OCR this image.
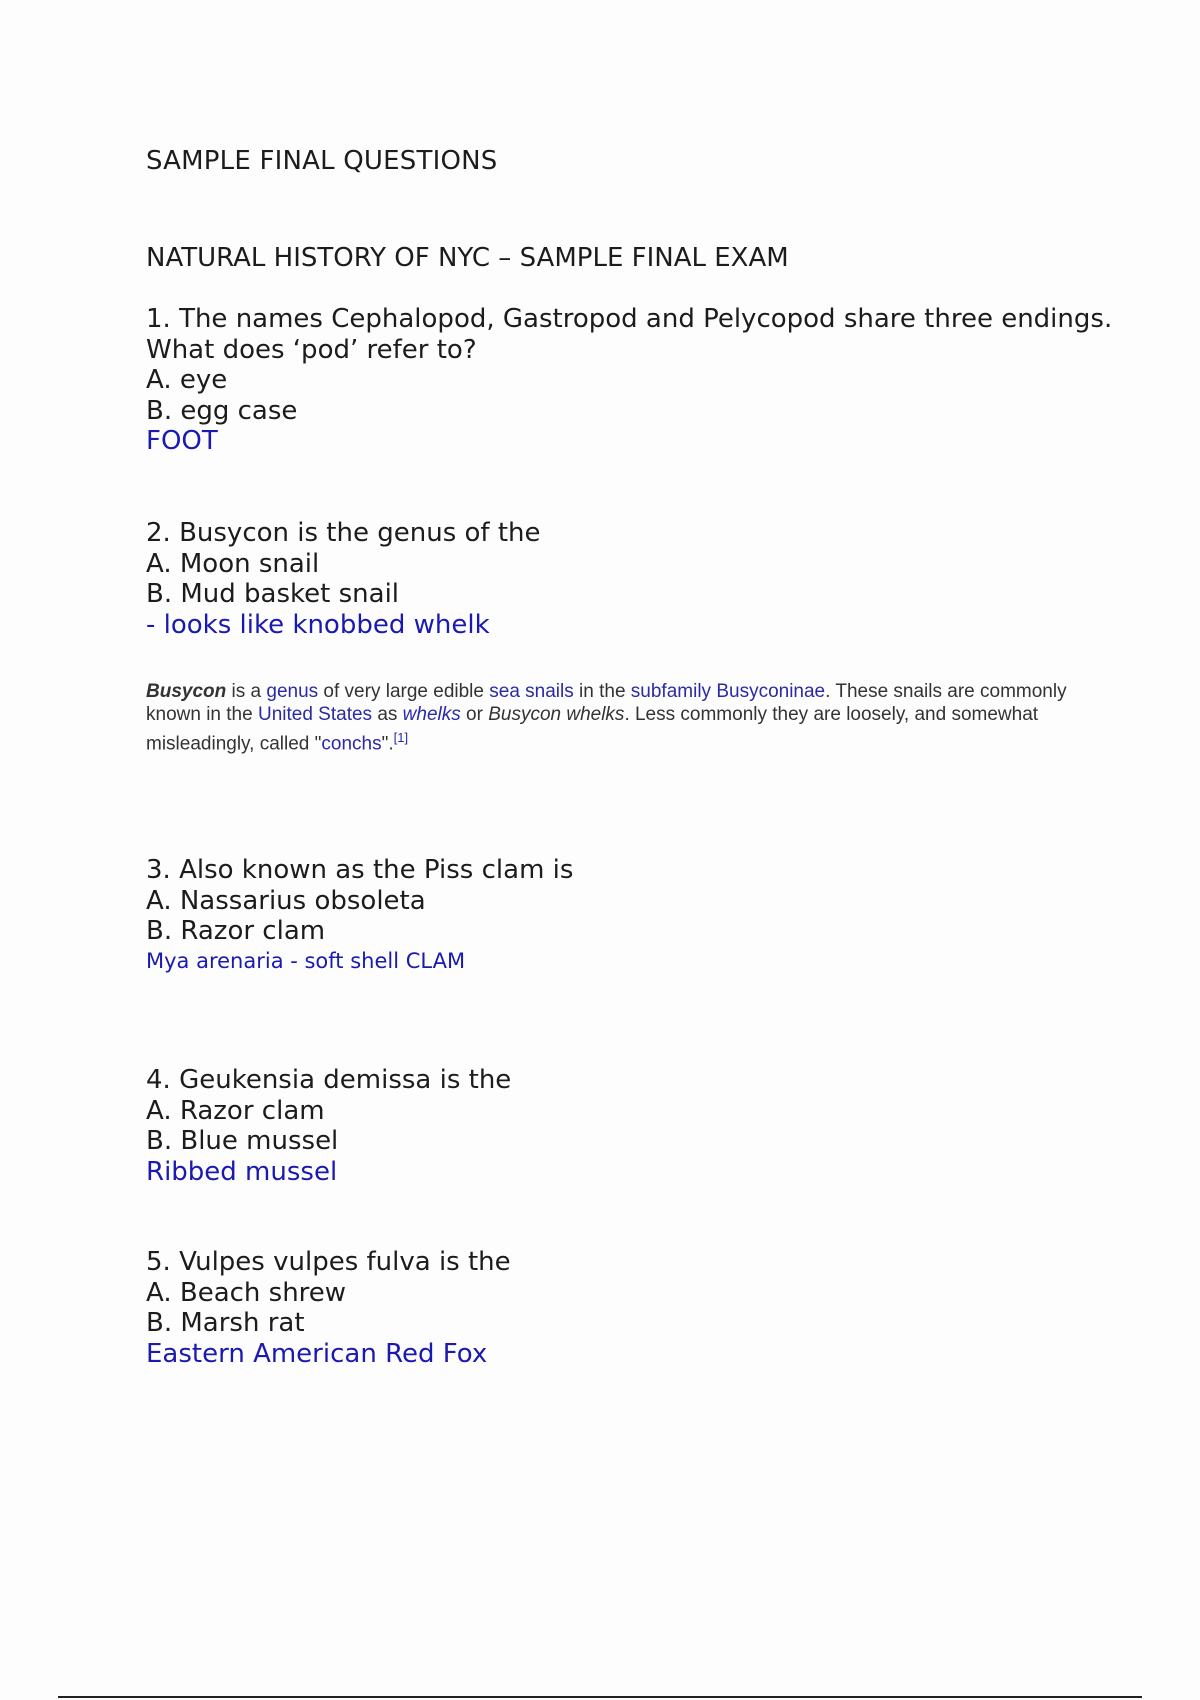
SAMPLE FINAL QUESTIONS
NATURAL HISTORY OF NYC – SAMPLE FINAL EXAM
1. The names Cephalopod, Gastropod and Pelycopod share three endings.
What does ‘pod’ refer to?
A. eye
B. egg case
FOOT
2. Busycon is the genus of the
A. Moon snail
B. Mud basket snail
- looks like knobbed whelk
Busycon is a genus of very large edible sea snails in the subfamily Busyconinae. These snails are commonly known in the United States as whelks or Busycon whelks. Less commonly they are loosely, and somewhat misleadingly, called "conchs".[1]
3. Also known as the Piss clam is
A. Nassarius obsoleta
B. Razor clam
Mya arenaria - soft shell CLAM
4. Geukensia demissa is the
A. Razor clam
B. Blue mussel
Ribbed mussel
5. Vulpes vulpes fulva is the
A. Beach shrew
B. Marsh rat
Eastern American Red Fox
